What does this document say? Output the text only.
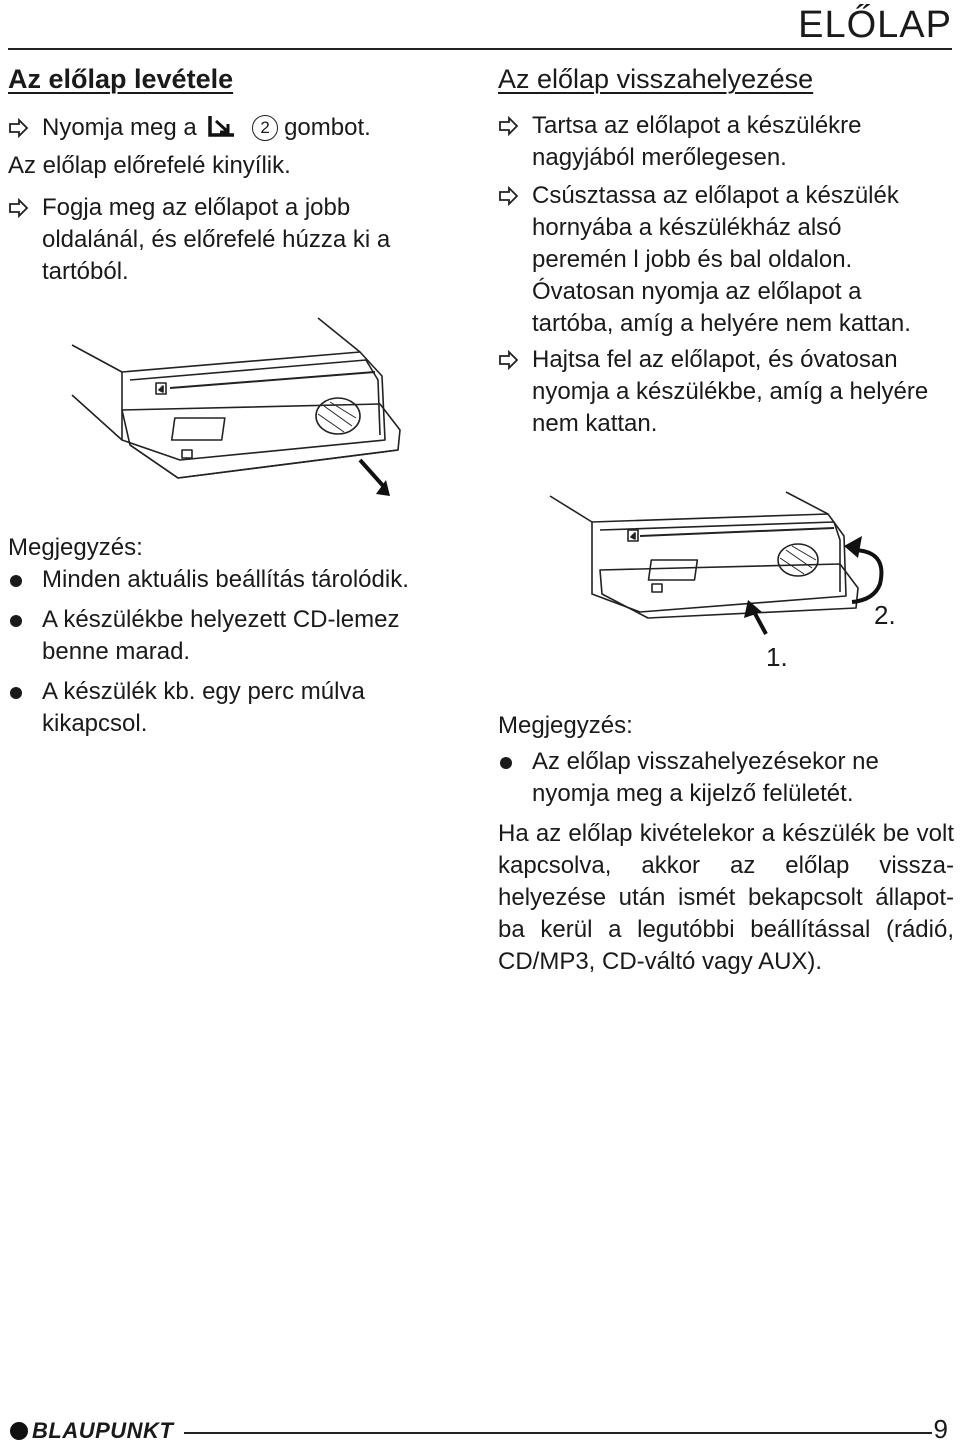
ELŐLAP
Az előlap levétele
Nyomja meg a	2 gombot.
Az előlap előrefelé kinyílik.
Fogja meg az előlapot a jobb oldalánál, és előrefelé húzza ki a tartóból.
Az előlap visszahelyezése
Tartsa az előlapot a készülékre nagyjából merőlegesen.
Csúsztassa az előlapot a készülék hornyába a készülékház alsó peremén l jobb és bal oldalon. Óvatosan nyomja az előlapot a tartóba, amíg a helyére nem kattan.
Hajtsa fel az előlapot, és óvatosan nyomja a készülékbe, amíg a helyére nem kattan.
Megjegyzés:
Minden aktuális beállítás tárolódik.
A készülékbe helyezett CD-lemez benne marad.
A készülék kb. egy perc múlva kikapcsol.
1.
2.
Megjegyzés:
Az előlap visszahelyezésekor ne nyomja meg a kijelző felületét.
Ha az előlap kivételekor a készülék be volt kapcsolva, akkor az előlap vissza-helyezése után ismét bekapcsolt állapot-ba kerül a legutóbbi beállítással (rádió, CD/MP3, CD-váltó vagy AUX).
BLAUPUNKT	9
